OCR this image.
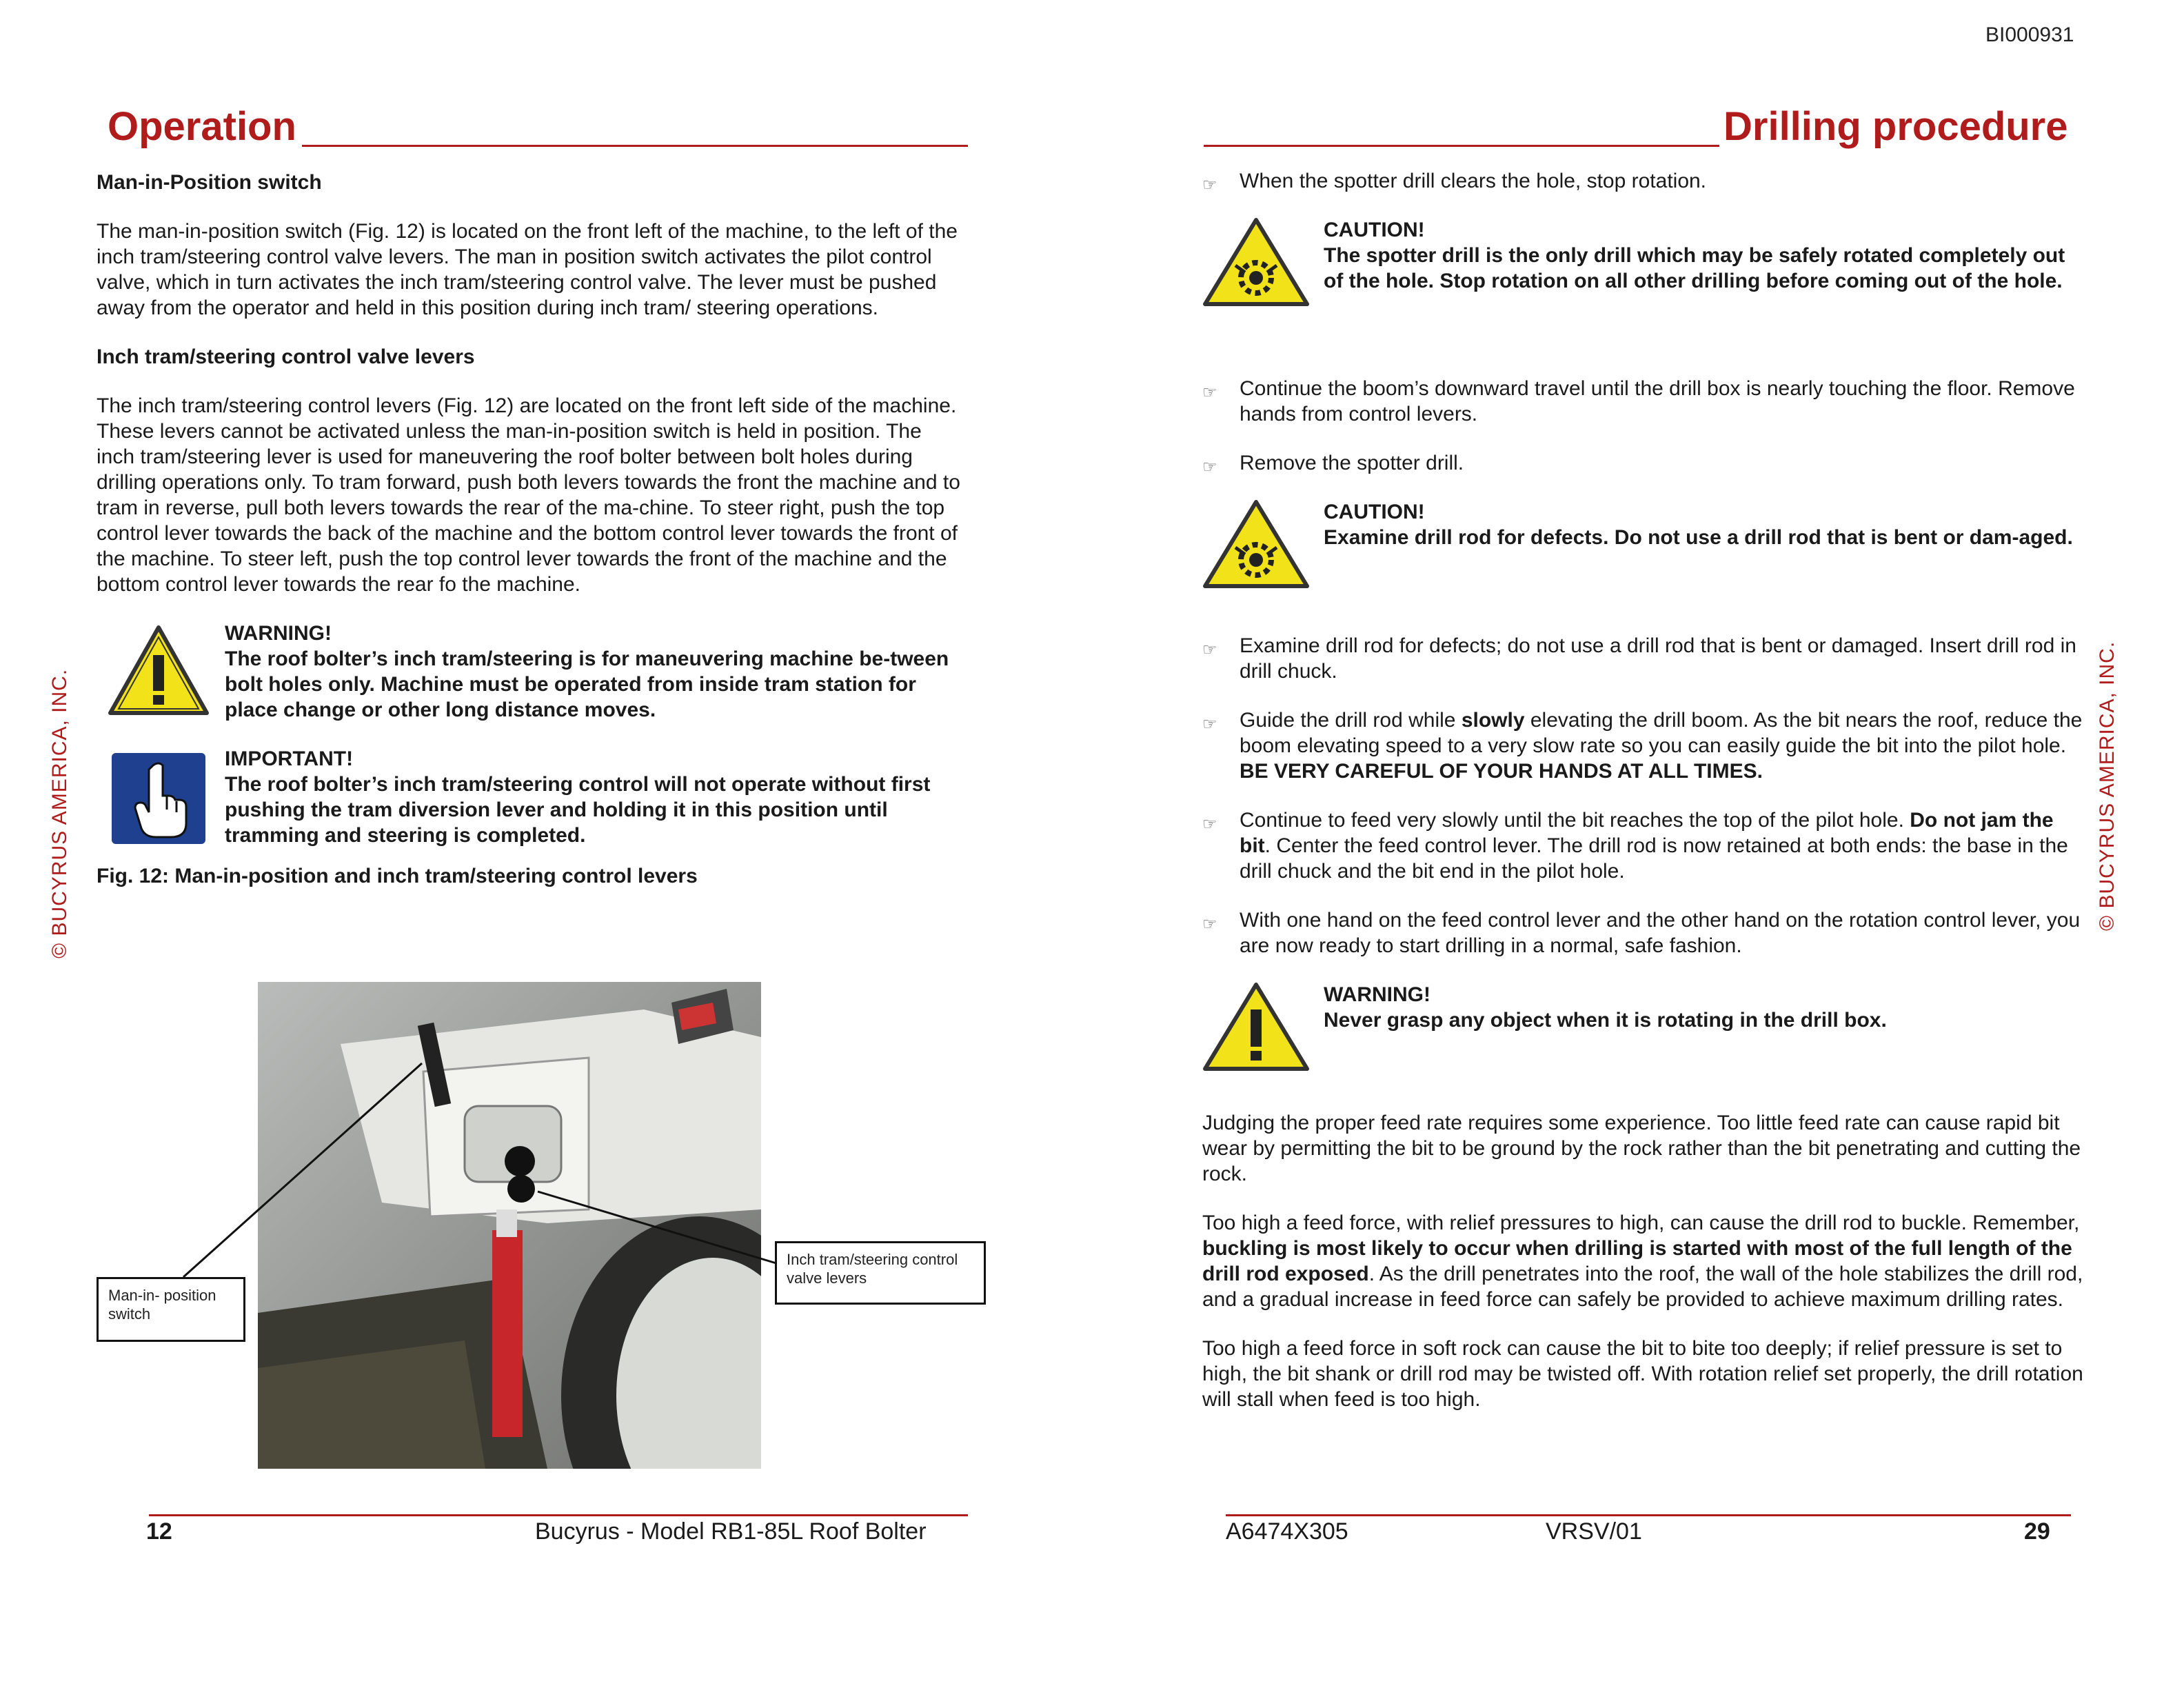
BI000931
© BUCYRUS AMERICA, INC.	© BUCYRUS AMERICA, INC.
Operation	Drilling procedure
Man-in-Position switch
The man-in-position switch (Fig. 12) is located on the front left of the machine, to the left of the inch tram/steering control valve levers. The man in position switch activates the pilot control valve, which in turn activates the inch tram/steering control valve. The lever must be pushed away from the operator and held in this position during inch tram/ steering operations.
Inch tram/steering control valve levers
The inch tram/steering control levers (Fig. 12) are located on the front left side of the machine. These levers cannot be activated unless the man-in-position switch is held in position. The inch tram/steering lever is used for maneuvering the roof bolter between bolt holes during drilling operations only. To tram forward, push both levers towards the front the machine and to tram in reverse, pull both levers towards the rear of the ma-chine. To steer right, push the top control lever towards the back of the machine and the bottom control lever towards the front of the machine. To steer left, push the top control lever towards the front of the machine and the bottom control lever towards the rear fo the machine.
WARNING!
The roof bolter’s inch tram/steering is for maneuvering machine be-tween bolt holes only. Machine must be operated from inside tram station for place change or other long distance moves.
IMPORTANT!
The roof bolter’s inch tram/steering control will not operate without first pushing the tram diversion lever and holding it in this position until tramming and steering is completed.
Fig. 12: Man-in-position and inch tram/steering control levers
Man-in- position switch
Inch tram/steering control valve levers
☞ When the spotter drill clears the hole, stop rotation.
CAUTION!
The spotter drill is the only drill which may be safely rotated completely out of the hole. Stop rotation on all other drilling before coming out of the hole.
☞ Continue the boom’s downward travel until the drill box is nearly touching the floor. Remove hands from control levers.
☞ Remove the spotter drill.
CAUTION!
Examine drill rod for defects. Do not use a drill rod that is bent or dam-aged.
☞ Examine drill rod for defects; do not use a drill rod that is bent or damaged. Insert drill rod in drill chuck.
☞ Guide the drill rod while slowly elevating the drill boom. As the bit nears the roof, reduce the boom elevating speed to a very slow rate so you can easily guide the bit into the pilot hole. BE VERY CAREFUL OF YOUR HANDS AT ALL TIMES.
☞ Continue to feed very slowly until the bit reaches the top of the pilot hole. Do not jam the bit. Center the feed control lever. The drill rod is now retained at both ends: the base in the drill chuck and the bit end in the pilot hole.
☞ With one hand on the feed control lever and the other hand on the rotation control lever, you are now ready to start drilling in a normal, safe fashion.
WARNING!
Never grasp any object when it is rotating in the drill box.
Judging the proper feed rate requires some experience. Too little feed rate can cause rapid bit wear by permitting the bit to be ground by the rock rather than the bit penetrating and cutting the rock.
Too high a feed force, with relief pressures to high, can cause the drill rod to buckle. Remember, buckling is most likely to occur when drilling is started with most of the full length of the drill rod exposed. As the drill penetrates into the roof, the wall of the hole stabilizes the drill rod, and a gradual increase in feed force can safely be provided to achieve maximum drilling rates.
Too high a feed force in soft rock can cause the bit to bite too deeply; if relief pressure is set to high, the bit shank or drill rod may be twisted off. With rotation relief set properly, the drill rotation will stall when feed is too high.
12	Bucyrus - Model RB1-85L Roof Bolter	A6474X305	VRSV/01	29
